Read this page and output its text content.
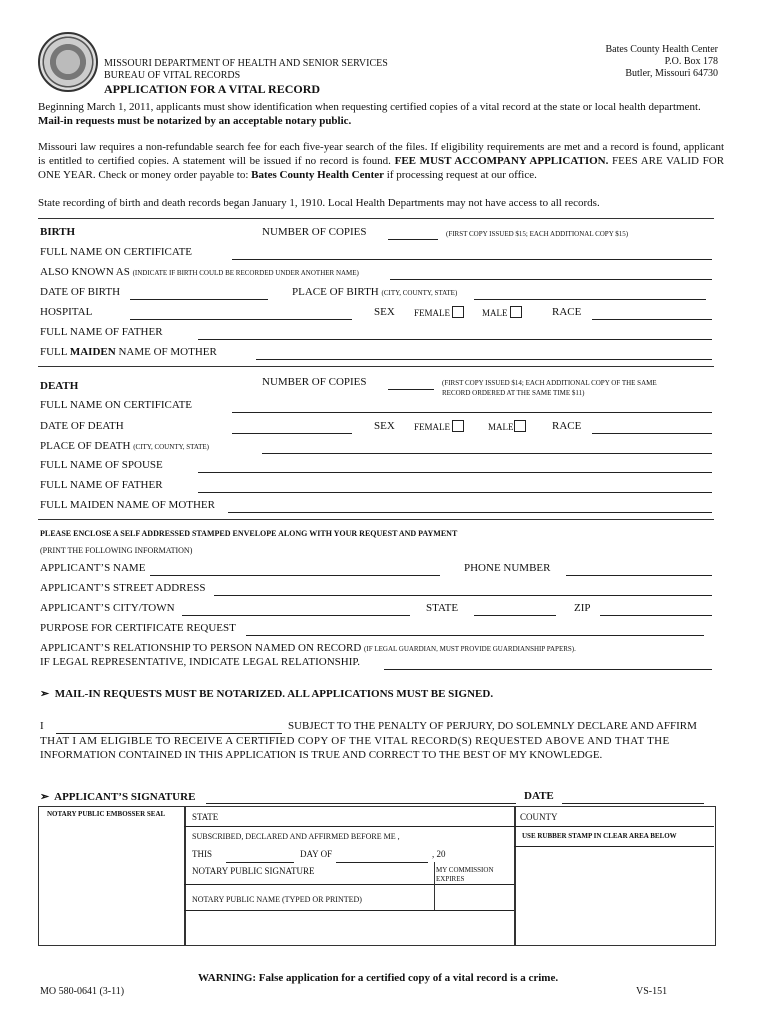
MISSOURI DEPARTMENT OF HEALTH AND SENIOR SERVICES
BUREAU OF VITAL RECORDS
APPLICATION FOR A VITAL RECORD
Bates County Health Center
P.O. Box 178
Butler, Missouri 64730

Beginning March 1, 2011, applicants must show identification when requesting certified copies of a vital record at the state or local health department.
Mail-in requests must be notarized by an acceptable notary public.

Missouri law requires a non-refundable search fee for each five-year search of the files. If eligibility requirements are met and a record is found, applicant is entitled to certified copies. A statement will be issued if no record is found. FEE MUST ACCOMPANY APPLICATION. FEES ARE VALID FOR ONE YEAR. Check or money order payable to: Bates County Health Center if processing request at our office.

State recording of birth and death records began January 1, 1910. Local Health Departments may not have access to all records.

BIRTH	NUMBER OF COPIES	(FIRST COPY ISSUED $15; EACH ADDITIONAL COPY $15)
FULL NAME ON CERTIFICATE
ALSO KNOWN AS (INDICATE IF BIRTH COULD BE RECORDED UNDER ANOTHER NAME)
DATE OF BIRTH	PLACE OF BIRTH (CITY, COUNTY, STATE)
HOSPITAL	SEX FEMALE	MALE	RACE
FULL NAME OF FATHER
FULL MAIDEN NAME OF MOTHER
DEATH	NUMBER OF COPIES	(FIRST COPY ISSUED $14; EACH ADDITIONAL COPY OF THE SAME
RECORD ORDERED AT THE SAME TIME $11)
FULL NAME ON CERTIFICATE
DATE OF DEATH	SEX FEMALE	MALE	RACE
PLACE OF DEATH (CITY, COUNTY, STATE)
FULL NAME OF SPOUSE
FULL NAME OF FATHER
FULL MAIDEN NAME OF MOTHER
PLEASE ENCLOSE A SELF ADDRESSED STAMPED ENVELOPE ALONG WITH YOUR REQUEST AND PAYMENT
(PRINT THE FOLLOWING INFORMATION)
APPLICANT’S NAME	PHONE NUMBER
APPLICANT’S STREET ADDRESS
APPLICANT’S CITY/TOWN	STATE	ZIP
PURPOSE FOR CERTIFICATE REQUEST
APPLICANT’S RELATIONSHIP TO PERSON NAMED ON RECORD (IF LEGAL GUARDIAN, MUST PROVIDE GUARDIANSHIP PAPERS).
IF LEGAL REPRESENTATIVE, INDICATE LEGAL RELATIONSHIP.
➢ MAIL-IN REQUESTS MUST BE NOTARIZED. ALL APPLICATIONS MUST BE SIGNED.
I	SUBJECT TO THE PENALTY OF PERJURY, DO SOLEMNLY DECLARE AND AFFIRM
THAT I AM ELIGIBLE TO RECEIVE A CERTIFIED COPY OF THE VITAL RECORD(S) REQUESTED ABOVE AND THAT THE
INFORMATION CONTAINED IN THIS APPLICATION IS TRUE AND CORRECT TO THE BEST OF MY KNOWLEDGE.
➢ APPLICANT’S SIGNATURE	DATE
NOTARY PUBLIC EMBOSSER SEAL	STATE	COUNTY
SUBSCRIBED, DECLARED AND AFFIRMED BEFORE ME ,	USE RUBBER STAMP IN CLEAR AREA BELOW
THIS	DAY OF	, 20
NOTARY PUBLIC SIGNATURE	MY COMMISSION
EXPIRES
NOTARY PUBLIC NAME (TYPED OR PRINTED)
WARNING: False application for a certified copy of a vital record is a crime.
MO 580-0641 (3-11)	VS-151
